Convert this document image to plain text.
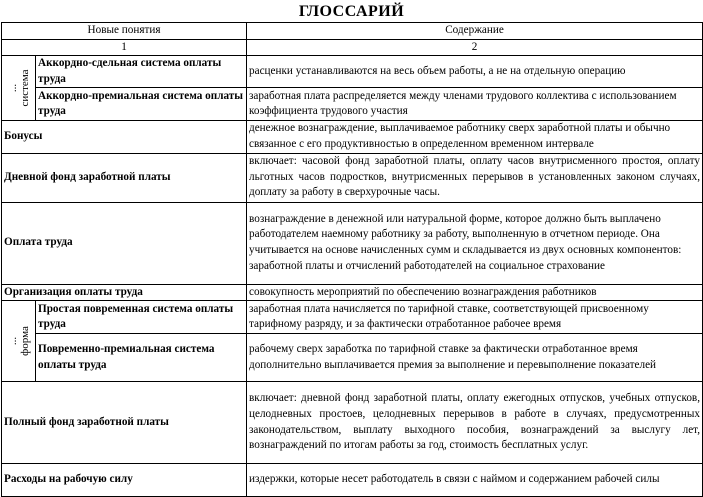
ГЛОССАРИЙ
Новые понятия		Содержание
1		2

... система	Аккордно-сдельная система оплаты труда	расценки устанавливаются на весь объем работы, а не на отдельную операцию
	Аккордно-премиальная система оплаты труда	заработная плата распределяется между членами трудового коллектива с использованием коэффициента трудового участия
Бонусы		денежное вознаграждение, выплачиваемое работнику сверх заработной платы и обычно связанное с его продуктивностью в определенном временном интервале
Дневной фонд заработной платы		включает: часовой фонд заработной платы, оплату часов внутрисменного простоя, оплату льготных часов подростков, внутрисменных перерывов в установленных законом случаях, доплату за работу в сверхурочные часы.
Оплата труда		вознаграждение в денежной или натуральной форме, которое должно быть выплачено работодателем наемному работнику за работу, выполненную в отчетном периоде. Она учитывается на основе начисленных сумм и складывается из двух основных компонентов: заработной платы и отчислений работодателей на социальное страхование
Организация оплаты труда		совокупность мероприятий по обеспечению вознаграждения работников

... форма	Простая повременная система оплаты труда	заработная плата начисляется по тарифной ставке, соответствующей присвоенному тарифному разряду, и за фактически отработанное рабочее время
	Повременно-премиальная система оплаты труда	рабочему сверх заработка по тарифной ставке за фактически отработанное время дополнительно выплачивается премия за выполнение и перевыполнение показателей
Полный фонд заработной платы		включает: дневной фонд заработной платы, оплату ежегодных отпусков, учебных отпусков, целодневных простоев, целодневных перерывов в работе в случаях, предусмотренных законодательством, выплату выходного пособия, вознаграждений за выслугу лет, вознаграждений по итогам работы за год, стоимость бесплатных услуг.
Расходы на рабочую силу		издержки, которые несет работодатель в связи с наймом и содержанием рабочей силы
